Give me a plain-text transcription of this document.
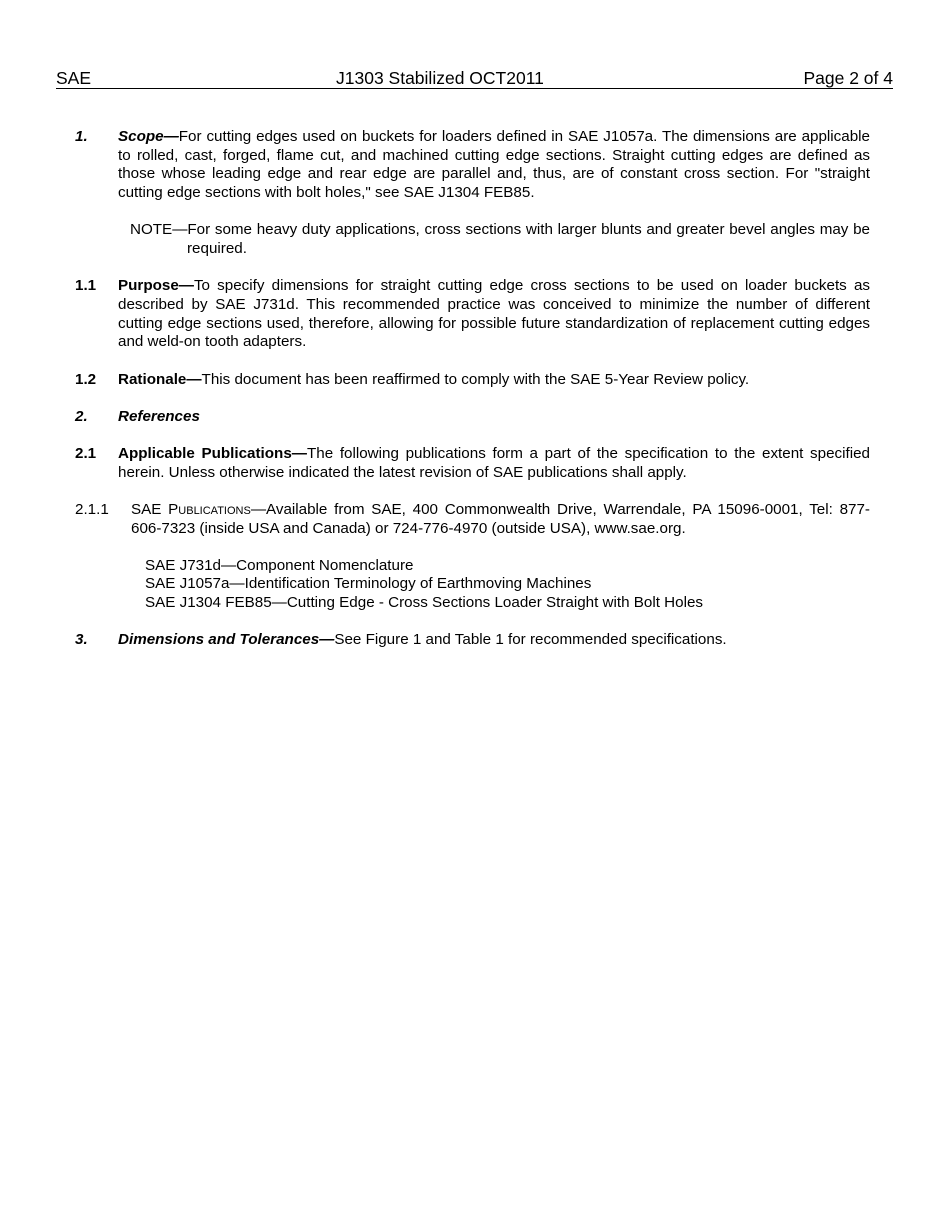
SAE	J1303 Stabilized OCT2011	Page 2 of 4

1. Scope—For cutting edges used on buckets for loaders defined in SAE J1057a. The dimensions are applicable to rolled, cast, forged, flame cut, and machined cutting edge sections. Straight cutting edges are defined as those whose leading edge and rear edge are parallel and, thus, are of constant cross section. For "straight cutting edge sections with bolt holes," see SAE J1304 FEB85.

NOTE—For some heavy duty applications, cross sections with larger blunts and greater bevel angles may be required.

1.1 Purpose—To specify dimensions for straight cutting edge cross sections to be used on loader buckets as described by SAE J731d. This recommended practice was conceived to minimize the number of different cutting edge sections used, therefore, allowing for possible future standardization of replacement cutting edges and weld-on tooth adapters.

1.2 Rationale—This document has been reaffirmed to comply with the SAE 5-Year Review policy.

2. References

2.1 Applicable Publications—The following publications form a part of the specification to the extent specified herein. Unless otherwise indicated the latest revision of SAE publications shall apply.

2.1.1 SAE Publications—Available from SAE, 400 Commonwealth Drive, Warrendale, PA 15096-0001, Tel: 877-606-7323 (inside USA and Canada) or 724-776-4970 (outside USA), www.sae.org.

SAE J731d—Component Nomenclature
SAE J1057a—Identification Terminology of Earthmoving Machines
SAE J1304 FEB85—Cutting Edge - Cross Sections Loader Straight with Bolt Holes

3. Dimensions and Tolerances—See Figure 1 and Table 1 for recommended specifications.
